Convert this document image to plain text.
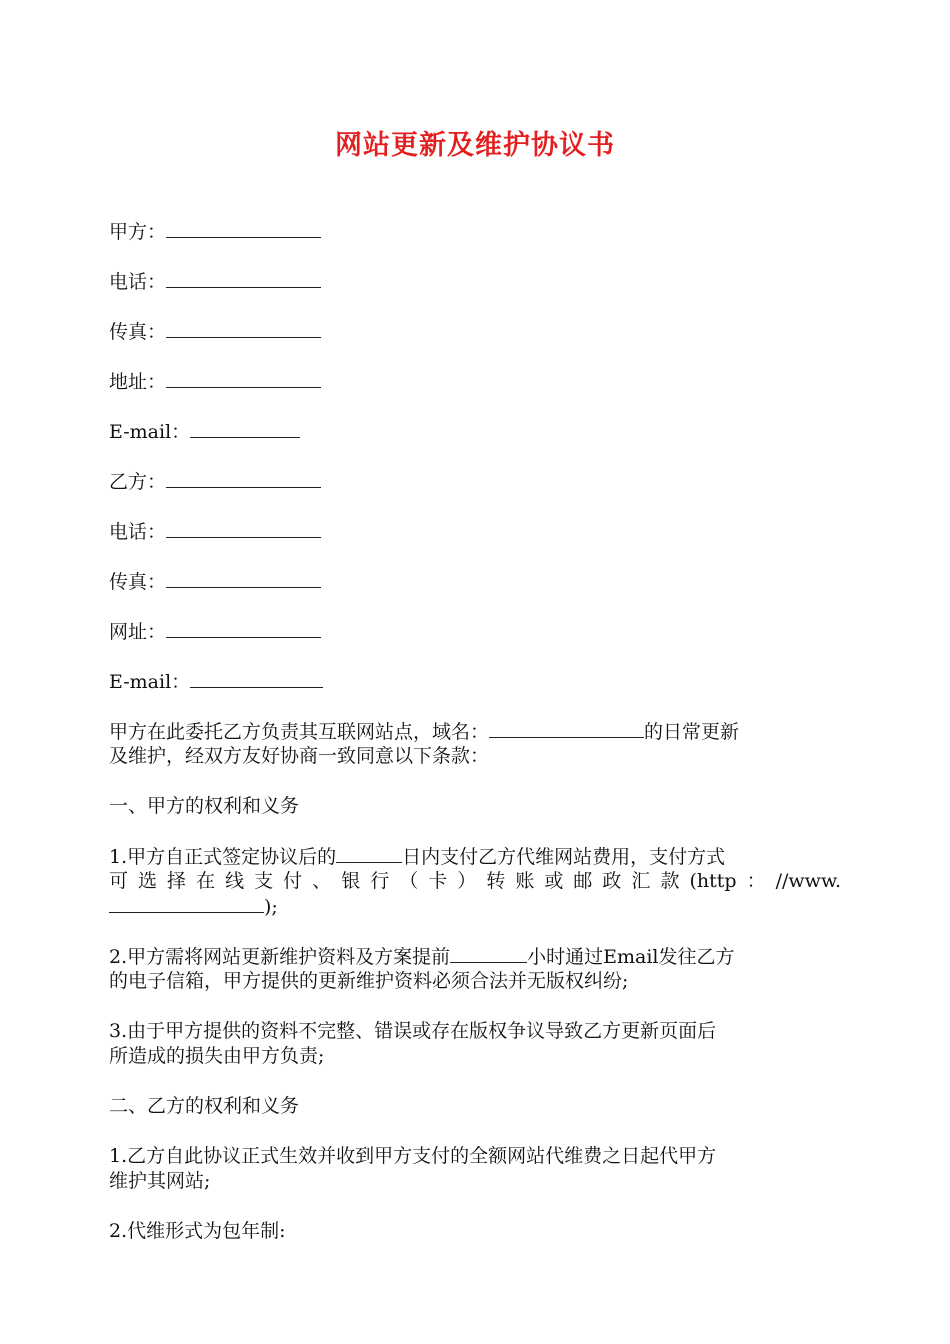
网站更新及维护协议书
甲方：
电话：
传真：
地址：
E-mail：
乙方：
电话：
传真：
网址：
E-mail：
甲方在此委托乙方负责其互联网站点，域名：	的日常更新
及维护，经双方友好协商一致同意以下条款：
一、甲方的权利和义务
1.甲方自正式签定协议后的	日内支付乙方代维网站费用，支付方式
可选择在线支付、银行（卡）转账或邮政汇款(http：//www.
);
2.甲方需将网站更新维护资料及方案提前	小时通过Email发往乙方
的电子信箱，甲方提供的更新维护资料必须合法并无版权纠纷;
3.由于甲方提供的资料不完整、错误或存在版权争议导致乙方更新页面后
所造成的损失由甲方负责;
二、乙方的权利和义务
1.乙方自此协议正式生效并收到甲方支付的全额网站代维费之日起代甲方
维护其网站;
2.代维形式为包年制:
